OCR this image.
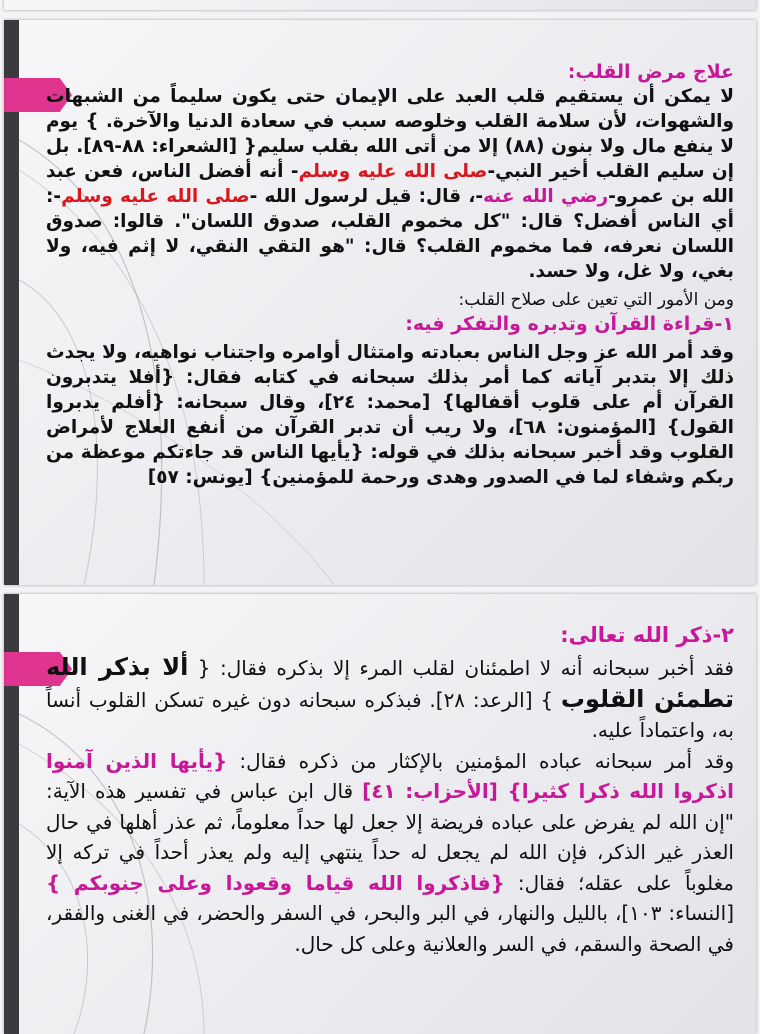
علاج مرض القلب:

لا يمكن أن يستقيم قلب العبد على الإيمان حتى يكون سليماً من الشبهات والشهوات، لأن سلامة القلب وخلوصه سبب في سعادة الدنيا والآخرة. } يوم لا ينفع مال ولا بنون (٨٨) إلا من أتى الله بقلب سليم{ [الشعراء: ٨٨-٨٩]. بل إن سليم القلب أخير النبي-صلى الله عليه وسلم- أنه أفضل الناس، فعن عبد الله بن عمرو-رضي الله عنه-، قال: قيل لرسول الله -صلى الله عليه وسلم-: أي الناس أفضل؟ قال: "كل مخموم القلب، صدوق اللسان". قالوا: صدوق اللسان نعرفه، فما مخموم القلب؟ قال: "هو التقي النقي، لا إثم فيه، ولا بغي، ولا غل، ولا حسد.

ومن الأمور التي تعين على صلاح القلب:

١-قراءة القرآن وتدبره والتفكر فيه:

وقد أمر الله عز وجل الناس بعبادته وامتثال أوامره واجتناب نواهيه، ولا يجدث ذلك إلا بتدبر آياته كما أمر بذلك سبحانه في كتابه فقال: {أفلا يتدبرون القرآن أم على قلوب أقفالها} [محمد: ٢٤]، وقال سبحانه: {أفلم يدبروا القول} [المؤمنون: ٦٨]، ولا ريب أن تدبر القرآن من أنفع العلاج لأمراض القلوب وقد أخبر سبحانه بذلك في قوله: {يأيها الناس قد جاءتكم موعظة من ربكم وشفاء لما في الصدور وهدى ورحمة للمؤمنين} [يونس: ٥٧]

٢-ذكر الله تعالى:

فقد أخبر سبحانه أنه لا اطمئنان لقلب المرء إلا بذكره فقال: { ألا بذكر الله تطمئن القلوب } [الرعد: ٢٨]. فبذكره سبحانه دون غيره تسكن القلوب أنساً به، واعتماداً عليه.

وقد أمر سبحانه عباده المؤمنين بالإكثار من ذكره فقال: {يأيها الذين آمنوا اذكروا الله ذكرا كثيرا} [الأحزاب: ٤١] قال ابن عباس في تفسير هذه الآية: "إن الله لم يفرض على عباده فريضة إلا جعل لها حداً معلوماً، ثم عذر أهلها في حال العذر غير الذكر، فإن الله لم يجعل له حداً ينتهي إليه ولم يعذر أحداً في تركه إلا مغلوباً على عقله؛ فقال: {فاذكروا الله قياما وقعودا وعلى جنوبكم } [النساء: ١٠٣]، بالليل والنهار، في البر والبحر، في السفر والحضر، في الغنى والفقر، في الصحة والسقم، في السر والعلانية وعلى كل حال.
